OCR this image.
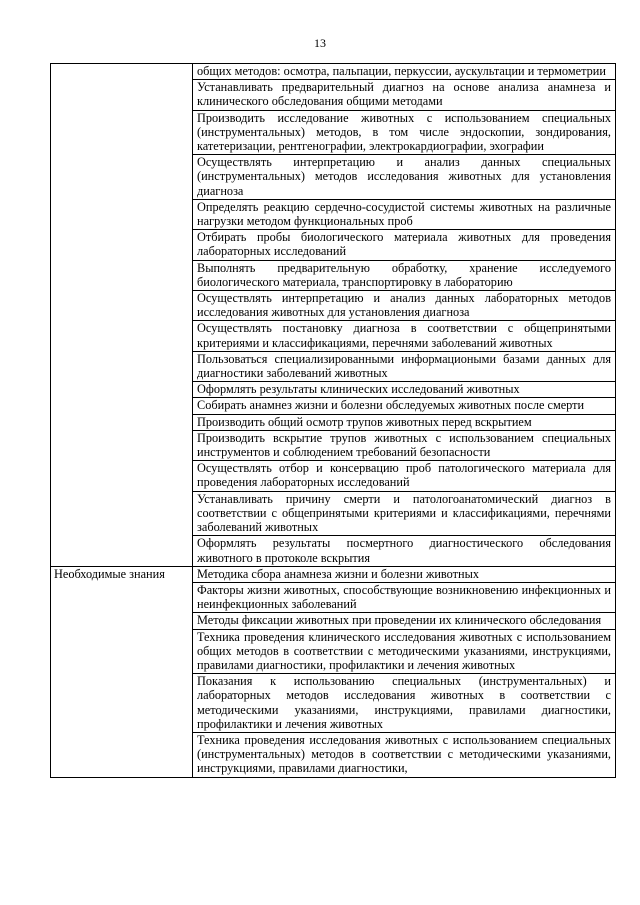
13

	общих методов: осмотра, пальпации, перкуссии, аускультации и термометрии

	Устанавливать предварительный диагноз на основе анализа анамнеза и клинического обследования общими методами

	Производить исследование животных с использованием специальных (инструментальных) методов, в том числе эндоскопии, зондирования, катетеризации, рентгенографии, электрокардиографии, эхографии

	Осуществлять интерпретацию и анализ данных специальных (инструментальных) методов исследования животных для установления диагноза

	Определять реакцию сердечно-сосудистой системы животных на различные нагрузки методом функциональных проб

	Отбирать пробы биологического материала животных для проведения лабораторных исследований

	Выполнять предварительную обработку, хранение исследуемого биологического материала, транспортировку в лабораторию

	Осуществлять интерпретацию и анализ данных лабораторных методов исследования животных для установления диагноза

	Осуществлять постановку диагноза в соответствии с общепринятыми критериями и классификациями, перечнями заболеваний животных

	Пользоваться специализированными информациоными базами данных для диагностики заболеваний животных

	Оформлять результаты клинических исследований животных

	Собирать анамнез жизни и болезни обследуемых животных после смерти

	Производить общий осмотр трупов животных перед вскрытием

	Производить вскрытие трупов животных с использованием специальных инструментов и соблюдением требований безопасности

	Осуществлять отбор и консервацию проб патологического материала для проведения лабораторных исследований

	Устанавливать причину смерти и патологоанатомический диагноз в соответствии с общепринятыми критериями и классификациями, перечнями заболеваний животных

	Оформлять результаты посмертного диагностического обследования животного в протоколе вскрытия

Необходимые знания	Методика сбора анамнеза жизни и болезни животных

	Факторы жизни животных, способствующие возникновению инфекционных и неинфекционных заболеваний

	Методы фиксации животных при проведении их клинического обследования

	Техника проведения клинического исследования животных с использованием общих методов в соответствии с методическими указаниями, инструкциями, правилами диагностики, профилактики и лечения животных

	Показания к использованию специальных (инструментальных) и лабораторных методов исследования животных в соответствии с методическими указаниями, инструкциями, правилами диагностики, профилактики и лечения животных

	Техника проведения исследования животных с использованием специальных (инструментальных) методов в соответствии с методическими указаниями, инструкциями, правилами диагностики,
